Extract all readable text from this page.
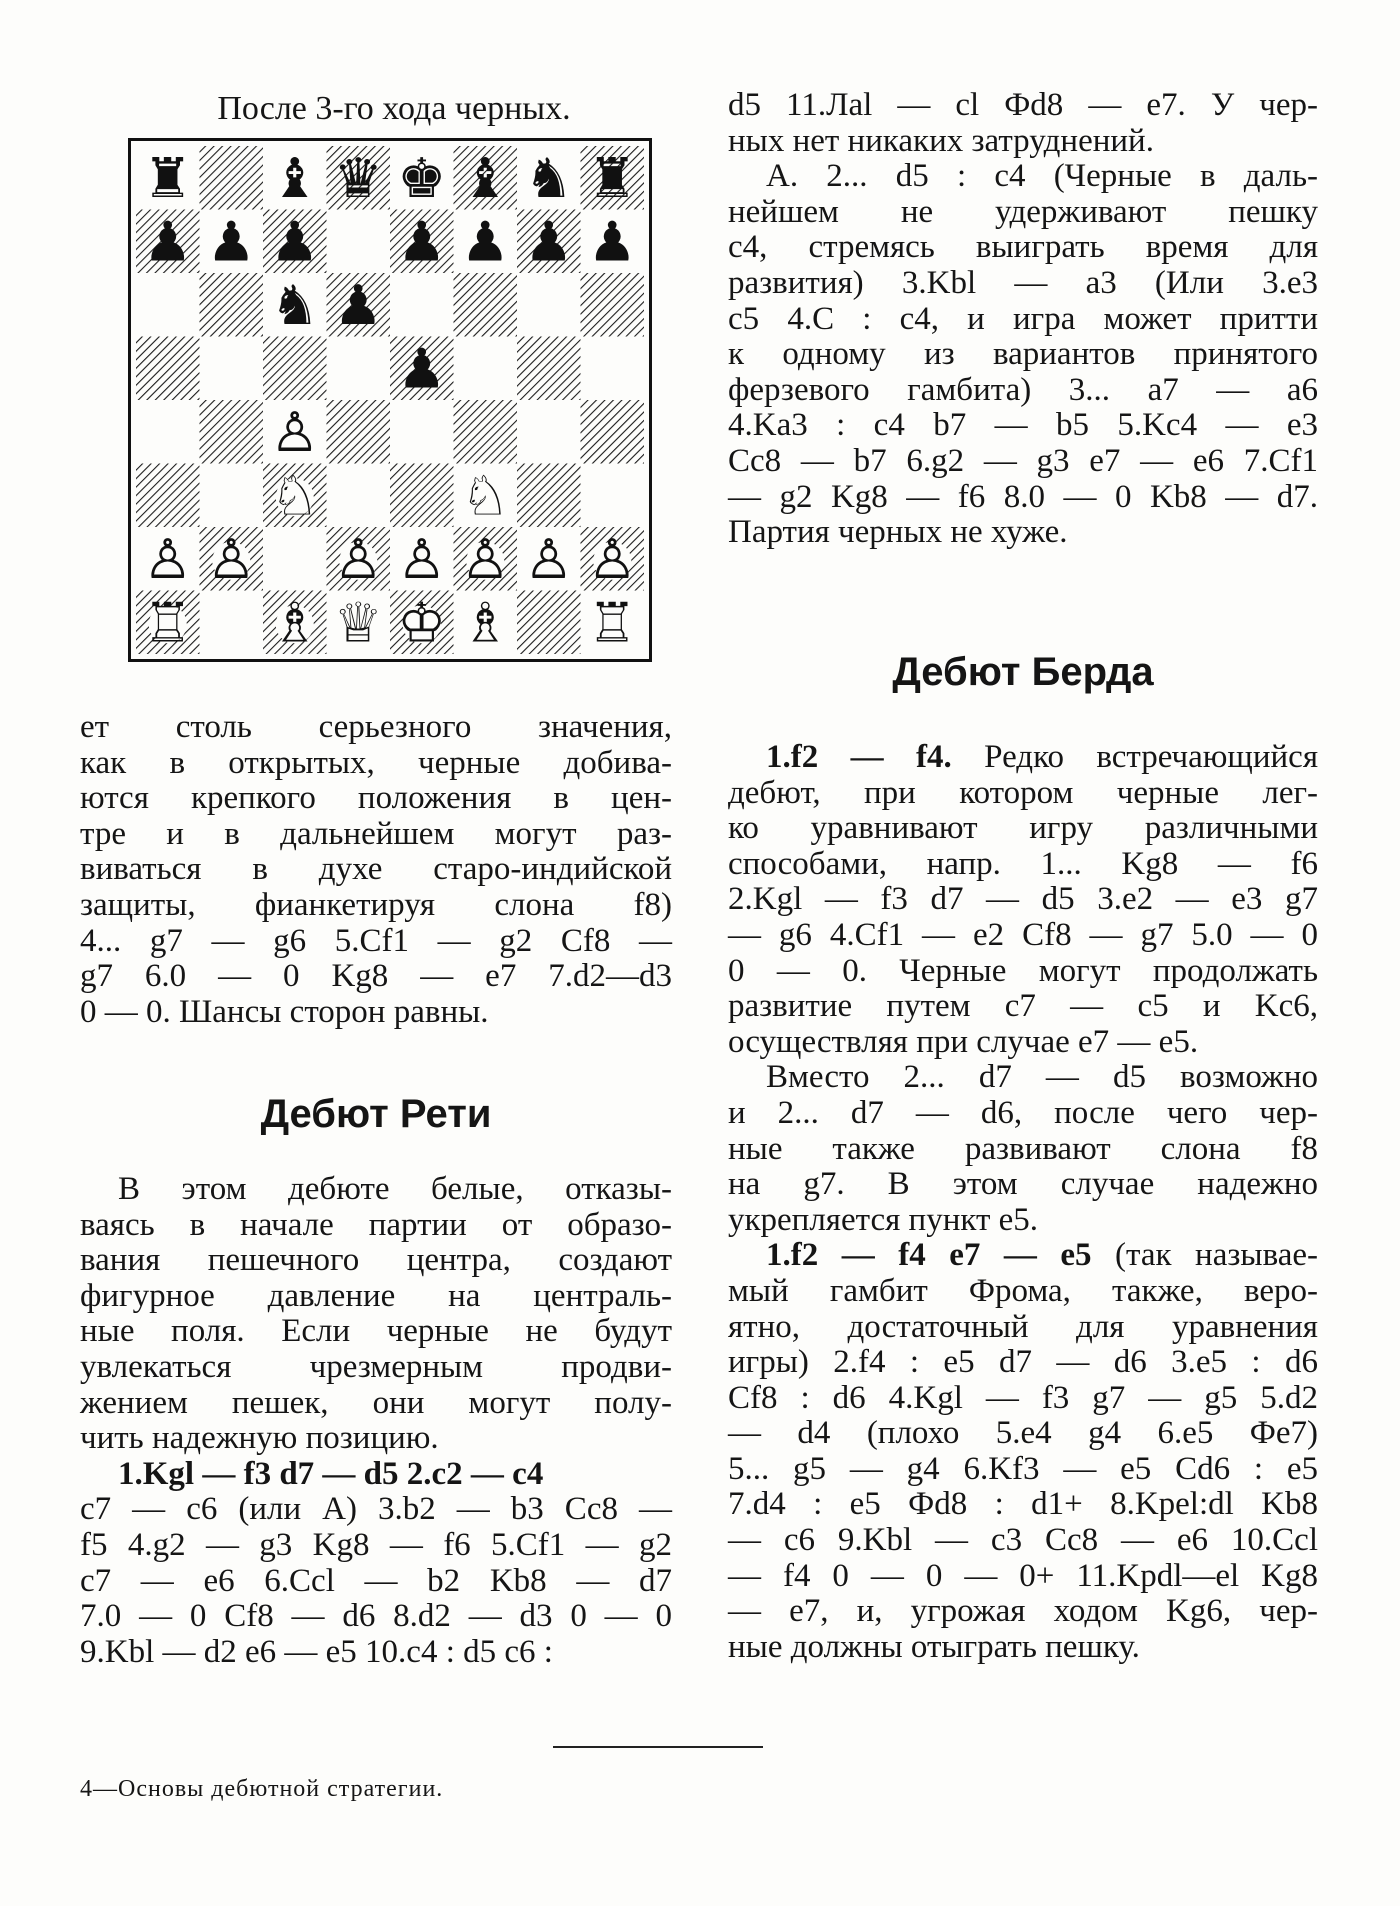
После 3-го хода черных.

♜ ♝ ♛ ♚ ♝ ♞ ♜
♟ ♟ ♟ ♟ ♟ ♟ ♟
♞ ♟
♟
♙
♘	♘
♙ ♙ ♙ ♙ ♙ ♙ ♙
♖ ♗ ♕ ♔ ♗ ♖
ет столь серьезного значения,
как в открытых, черные добива-
ются крепкого положения в цен-
тре и в дальнейшем могут раз-
виваться в духе старо-индийской
защиты, фианкетируя слона f8)
4... g7 — g6 5.Cf1 — g2 Cf8 —
g7 6.0 — 0 Kg8 — e7 7.d2—d3
0 — 0. Шансы сторон равны.
Дебют Рети
В этом дебюте белые, отказы-
ваясь в начале партии от образо-
вания пешечного центра, создают
фигурное давление на централь-
ные поля. Если черные не будут
увлекаться чрезмерным продви-
жением пешек, они могут полу-
чить надежную позицию.

1.Kgl — f3 d7 — d5 2.c2 — c4

c7 — c6 (или A) 3.b2 — b3 Cc8 —
f5 4.g2 — g3 Kg8 — f6 5.Cf1 — g2
c7 — e6 6.Ccl — b2 Kb8 — d7
7.0 — 0 Cf8 — d6 8.d2 — d3 0 — 0
9.Kbl — d2 e6 — e5 10.c4 : d5 c6 :
d5 11.Лal — cl Фd8 — e7. У чер-
ных нет никаких затруднений.
A. 2... d5 : c4 (Черные в даль-
нейшем не удерживают пешку
c4, стремясь выиграть время для
развития) 3.Kbl — a3 (Или 3.e3
c5 4.C : c4, и игра может притти
к одному из вариантов принятого
ферзевого гамбита) 3... a7 — a6
4.Ka3 : c4 b7 — b5 5.Kc4 — e3
Cc8 — b7 6.g2 — g3 e7 — e6 7.Cf1
— g2 Kg8 — f6 8.0 — 0 Kb8 — d7.
Партия черных не хуже.
Дебют Берда
1.f2 — f4. Редко встречающийся
дебют, при котором черные лег-
ко уравнивают игру различными
способами, напр. 1... Kg8 — f6
2.Kgl — f3 d7 — d5 3.e2 — e3 g7
— g6 4.Cf1 — e2 Cf8 — g7 5.0 — 0
0 — 0. Черные могут продолжать
развитие путем c7 — c5 и Kc6,
осуществляя при случае e7 — e5.
Вместо 2... d7 — d5 возможно
и 2... d7 — d6, после чего чер-
ные также развивают слона f8
на g7. В этом случае надежно
укрепляется пункт e5.
1.f2 — f4 e7 — e5 (так называе-
мый гамбит Фрома, также, веро-
ятно, достаточный для уравнения
игры) 2.f4 : e5 d7 — d6 3.e5 : d6
Cf8 : d6 4.Kgl — f3 g7 — g5 5.d2
— d4 (плохо 5.e4 g4 6.e5 Фe7)
5... g5 — g4 6.Kf3 — e5 Cd6 : e5
7.d4 : e5 Фd8 : d1+ 8.Kpel:dl Kb8
— c6 9.Kbl — c3 Cc8 — e6 10.Ccl
— f4 0 — 0 — 0+ 11.Kpdl—el Kg8
— e7, и, угрожая ходом Kg6, чер-
ные должны отыграть пешку.

4—Основы дебютной стратегии.
